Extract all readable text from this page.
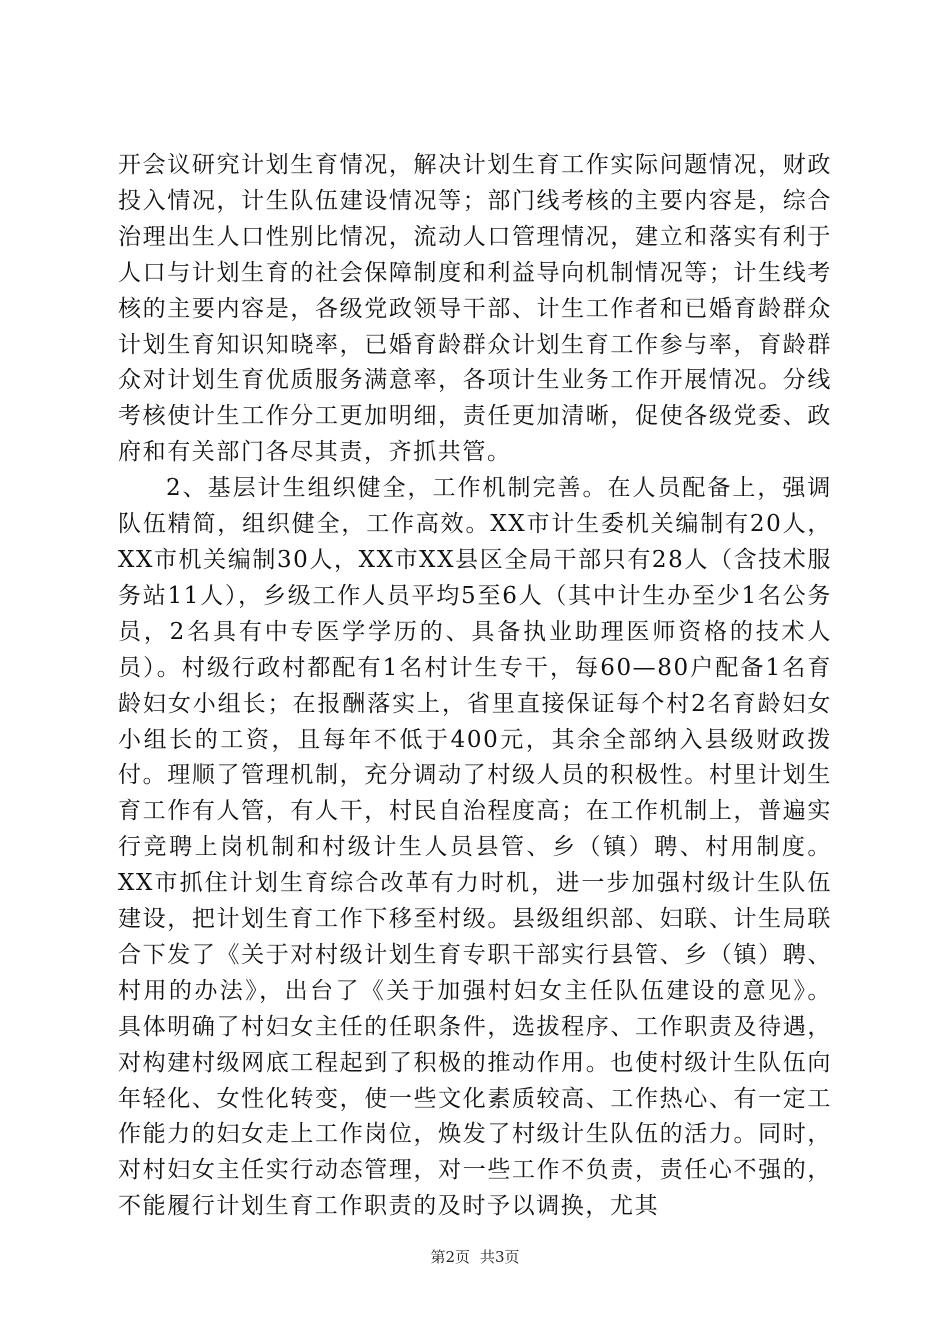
开会议研究计划生育情况，解决计划生育工作实际问题情况，财政投入情况，计生队伍建设情况等；部门线考核的主要内容是，综合治理出生人口性别比情况，流动人口管理情况，建立和落实有利于人口与计划生育的社会保障制度和利益导向机制情况等；计生线考核的主要内容是，各级党政领导干部、计生工作者和已婚育龄群众计划生育知识知晓率，已婚育龄群众计划生育工作参与率，育龄群众对计划生育优质服务满意率，各项计生业务工作开展情况。分线考核使计生工作分工更加明细，责任更加清晰，促使各级党委、政府和有关部门各尽其责，齐抓共管。

2、基层计生组织健全，工作机制完善。在人员配备上，强调队伍精简，组织健全，工作高效。XX市计生委机关编制有20人，XX市机关编制30人，XX市XX县区全局干部只有28人（含技术服务站11人），乡级工作人员平均5至6人（其中计生办至少1名公务员，2名具有中专医学学历的、具备执业助理医师资格的技术人员）。村级行政村都配有1名村计生专干，每60—80户配备1名育龄妇女小组长；在报酬落实上，省里直接保证每个村2名育龄妇女小组长的工资，且每年不低于400元，其余全部纳入县级财政拨付。理顺了管理机制，充分调动了村级人员的积极性。村里计划生育工作有人管，有人干，村民自治程度高；在工作机制上，普遍实行竞聘上岗机制和村级计生人员县管、乡（镇）聘、村用制度。XX市抓住计划生育综合改革有力时机，进一步加强村级计生队伍建设，把计划生育工作下移至村级。县级组织部、妇联、计生局联合下发了《关于对村级计划生育专职干部实行县管、乡（镇）聘、村用的办法》，出台了《关于加强村妇女主任队伍建设的意见》。具体明确了村妇女主任的任职条件，选拔程序、工作职责及待遇，对构建村级网底工程起到了积极的推动作用。也使村级计生队伍向年轻化、女性化转变，使一些文化素质较高、工作热心、有一定工作能力的妇女走上工作岗位，焕发了村级计生队伍的活力。同时，对村妇女主任实行动态管理，对一些工作不负责，责任心不强的，不能履行计划生育工作职责的及时予以调换，尤其

第2页 共3页
